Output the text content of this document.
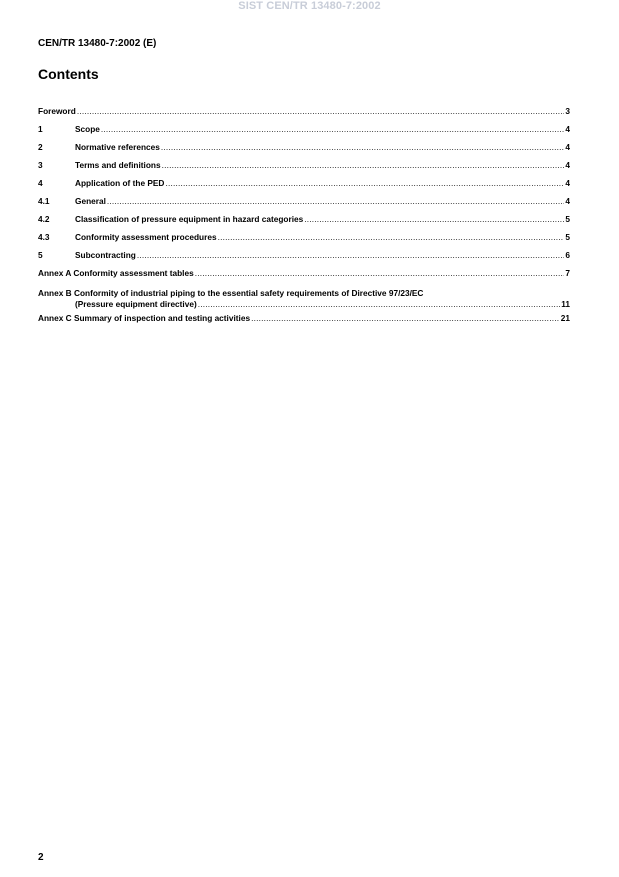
SIST CEN/TR 13480-7:2002
CEN/TR 13480-7:2002 (E)
Contents
Foreword .....	3
1	Scope .....	4
2	Normative references .....	4
3	Terms and definitions .....	4
4	Application of the PED .....	4
4.1	General .....	4
4.2	Classification of pressure equipment in hazard categories .....	5
4.3	Conformity assessment procedures .....	5
5	Subcontracting .....	6
Annex A Conformity assessment tables .....	7
Annex B Conformity of industrial piping to the essential safety requirements of Directive 97/23/EC
(Pressure equipment directive) .....	11
Annex C Summary of inspection and testing activities .....	21
2
